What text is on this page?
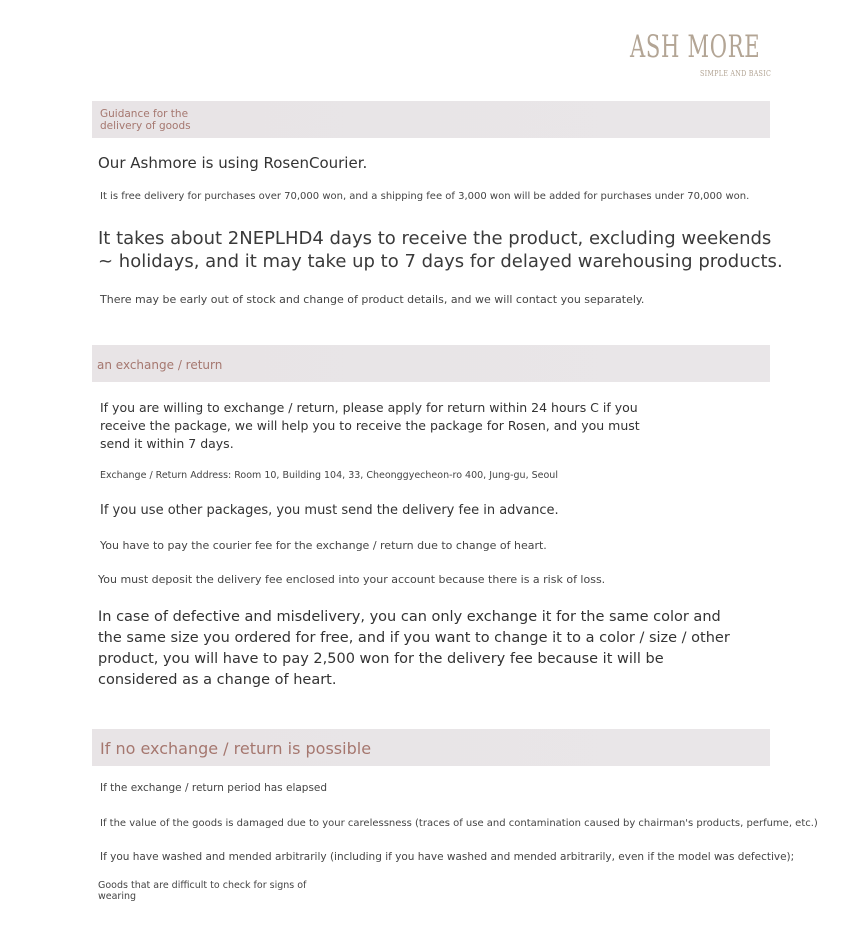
ASH MORE
SIMPLE AND BASIC
Guidance for the
delivery of goods
Our Ashmore is using RosenCourier.
It is free delivery for purchases over 70,000 won, and a shipping fee of 3,000 won will be added for purchases under 70,000 won.
It takes about 2NEPLHD4 days to receive the product, excluding weekends
~ holidays, and it may take up to 7 days for delayed warehousing products.
There may be early out of stock and change of product details, and we will contact you separately.
an exchange / return
If you are willing to exchange / return, please apply for return within 24 hours C if you
receive the package, we will help you to receive the package for Rosen, and you must
send it within 7 days.
Exchange / Return Address: Room 10, Building 104, 33, Cheonggyecheon-ro 400, Jung-gu, Seoul
If you use other packages, you must send the delivery fee in advance.
You have to pay the courier fee for the exchange / return due to change of heart.
You must deposit the delivery fee enclosed into your account because there is a risk of loss.
In case of defective and misdelivery, you can only exchange it for the same color and
the same size you ordered for free, and if you want to change it to a color / size / other
product, you will have to pay 2,500 won for the delivery fee because it will be
considered as a change of heart.
If no exchange / return is possible
If the exchange / return period has elapsed
If the value of the goods is damaged due to your carelessness (traces of use and contamination caused by chairman's products, perfume, etc.)
If you have washed and mended arbitrarily (including if you have washed and mended arbitrarily, even if the model was defective);
Goods that are difficult to check for signs of
wearing
